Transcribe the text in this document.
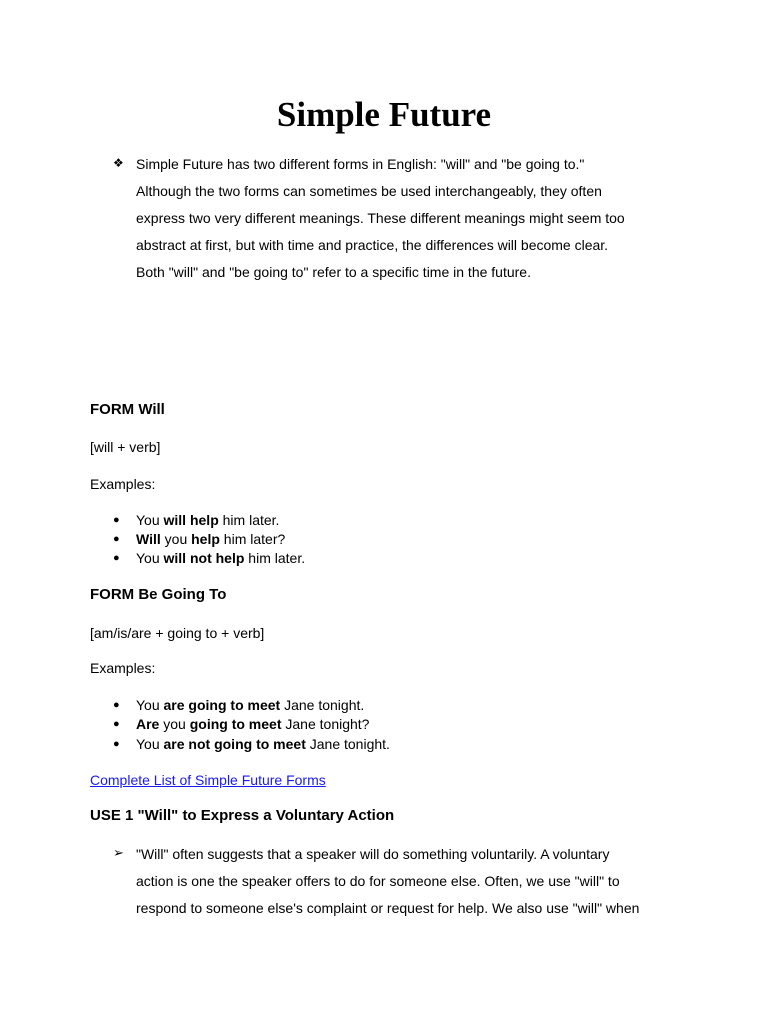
Simple Future
❖ Simple Future has two different forms in English: "will" and "be going to."
Although the two forms can sometimes be used interchangeably, they often
express two very different meanings. These different meanings might seem too
abstract at first, but with time and practice, the differences will become clear.
Both "will" and "be going to" refer to a specific time in the future.
FORM Will
[will + verb]
Examples:
● You will help him later.
● Will you help him later?
● You will not help him later.
FORM Be Going To
[am/is/are + going to + verb]
Examples:
● You are going to meet Jane tonight.
● Are you going to meet Jane tonight?
● You are not going to meet Jane tonight.
Complete List of Simple Future Forms
USE 1 "Will" to Express a Voluntary Action
➢ "Will" often suggests that a speaker will do something voluntarily. A voluntary
action is one the speaker offers to do for someone else. Often, we use "will" to
respond to someone else's complaint or request for help. We also use "will" when
